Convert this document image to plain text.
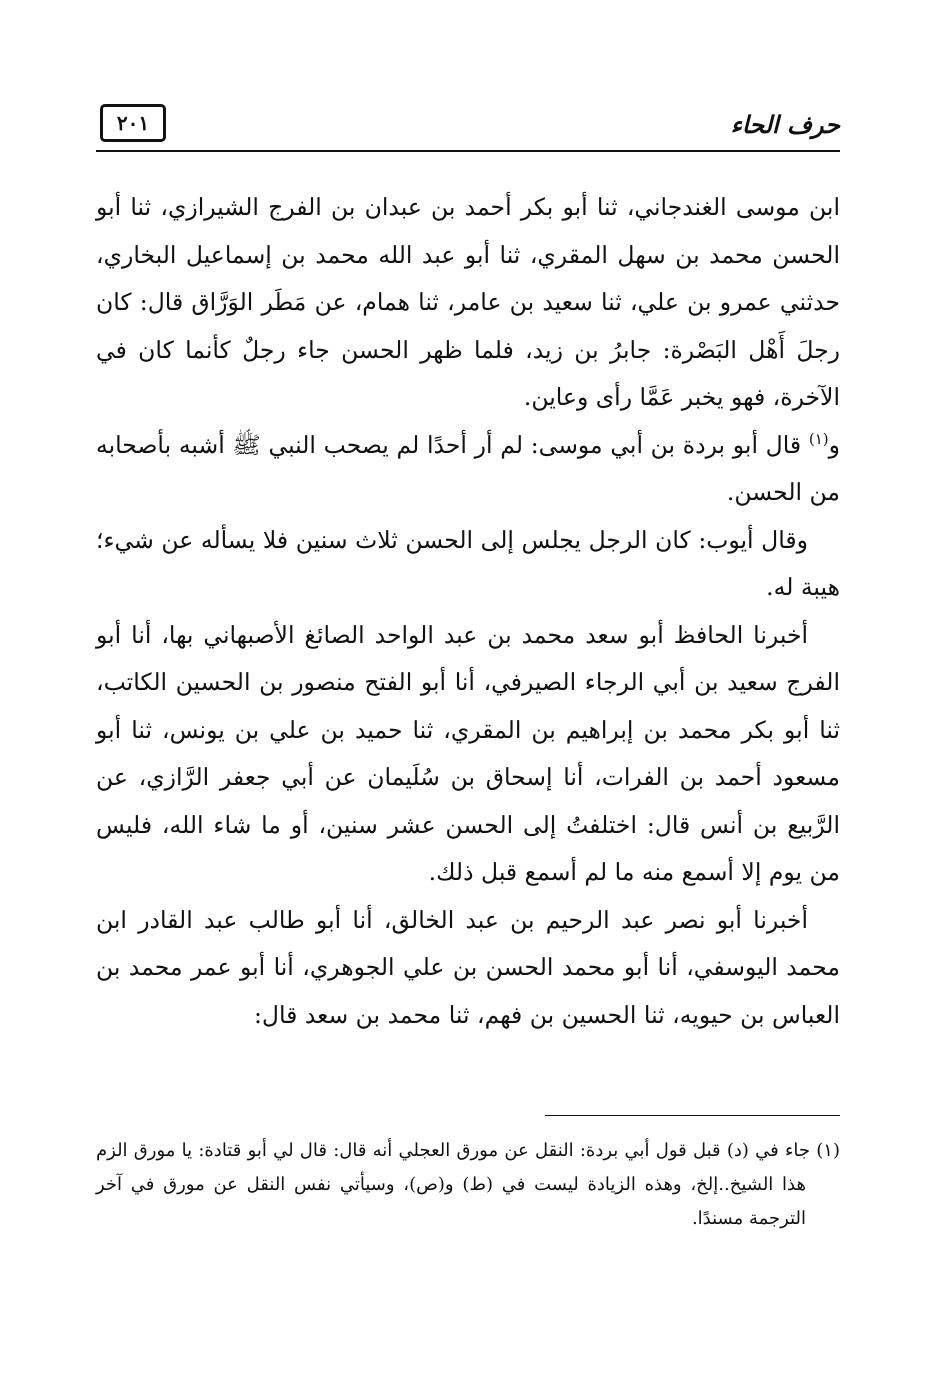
حرف الحاء
٢٠١

ابن موسى الغندجاني، ثنا أبو بكر أحمد بن عبدان بن الفرج الشيرازي، ثنا أبو الحسن محمد بن سهل المقري، ثنا أبو عبد الله محمد بن إسماعيل البخاري، حدثني عمرو بن علي، ثنا سعيد بن عامر، ثنا همام، عن مَطَر الوَرَّاق قال: كان رجلَ أَهْل البَصْرة: جابرُ بن زيد، فلما ظهر الحسن جاء رجلٌ كأنما كان في الآخرة، فهو يخبر عَمَّا رأى وعاين.

و$^{(١)}$ قال أبو بردة بن أبي موسى: لم أر أحدًا لم يصحب النبي ﷺ أشبه بأصحابه من الحسن.

وقال أيوب: كان الرجل يجلس إلى الحسن ثلاث سنين فلا يسأله عن شيء؛ هيبة له.

أخبرنا الحافظ أبو سعد محمد بن عبد الواحد الصائغ الأصبهاني بها، أنا أبو الفرج سعيد بن أبي الرجاء الصيرفي، أنا أبو الفتح منصور بن الحسين الكاتب، ثنا أبو بكر محمد بن إبراهيم بن المقري، ثنا حميد بن علي بن يونس، ثنا أبو مسعود أحمد بن الفرات، أنا إسحاق بن سُلَيمان عن أبي جعفر الرَّازي، عن الرَّبيع بن أنس قال: اختلفتُ إلى الحسن عشر سنين، أو ما شاء الله، فليس من يوم إلا أسمع منه ما لم أسمع قبل ذلك.

أخبرنا أبو نصر عبد الرحيم بن عبد الخالق، أنا أبو طالب عبد القادر ابن محمد اليوسفي، أنا أبو محمد الحسن بن علي الجوهري، أنا أبو عمر محمد بن العباس بن حيويه، ثنا الحسين بن فهم، ثنا محمد بن سعد قال:

(١) جاء في (د) قبل قول أبي بردة: النقل عن مورق العجلي أنه قال: قال لي أبو قتادة: يا مورق الزم هذا الشيخ..إلخ، وهذه الزيادة ليست في (ط) و(ص)، وسيأتي نفس النقل عن مورق في آخر الترجمة مسندًا.
